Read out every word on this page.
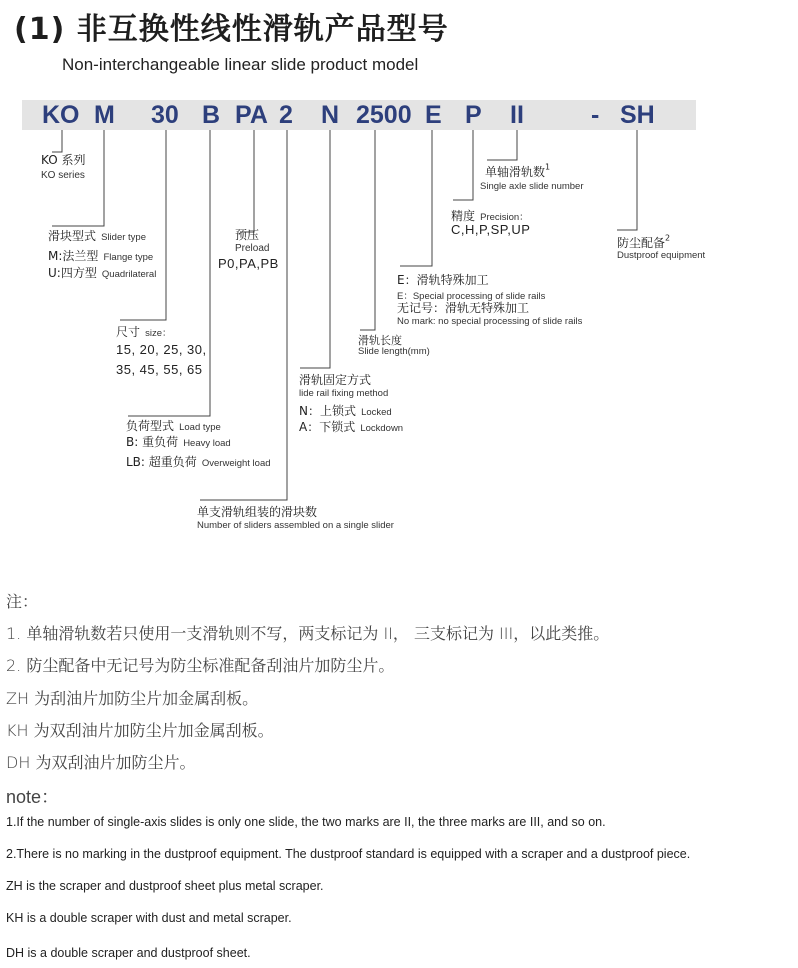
(1) 非互换性线性滑轨产品型号
Non-interchangeable linear slide product model
KO M 30 B PA 2 N 2500 E P II	- SH
KO 系列
KO series
滑块型式 Slider type
M:法兰型 Flange type
U:四方型 Quadrilateral
尺寸 size：
15, 20, 25, 30,
35, 45, 55, 65
负荷型式 Load type
B: 重负荷 Heavy load
LB: 超重负荷 Overweight load
预压
Preload
P0,PA,PB
单支滑轨组装的滑块数
Number of sliders assembled on a single slider
滑轨固定方式
lide rail fixing method
N：上锁式 Locked
A：下锁式 Lockdown
滑轨长度
Slide length(mm)
E：滑轨特殊加工
E：Special processing of slide rails
无记号：滑轨无特殊加工
No mark: no special processing of slide rails
精度 Precision：
C,H,P,SP,UP
单轴滑轨数$^1$
Single axle slide number
防尘配备$^2$
Dustproof equipment
注：
1. 单轴滑轨数若只使用一支滑轨则不写，两支标记为 II， 三支标记为 III，以此类推。
2. 防尘配备中无记号为防尘标准配备刮油片加防尘片。
ZH 为刮油片加防尘片加金属刮板。
KH 为双刮油片加防尘片加金属刮板。
DH 为双刮油片加防尘片。
note：
1.If the number of single-axis slides is only one slide, the two marks are II, the three marks are III, and so on.
2.There is no marking in the dustproof equipment. The dustproof standard is equipped with a scraper and a dustproof piece.
ZH is the scraper and dustproof sheet plus metal scraper.
KH is a double scraper with dust and metal scraper.
DH is a double scraper and dustproof sheet.
